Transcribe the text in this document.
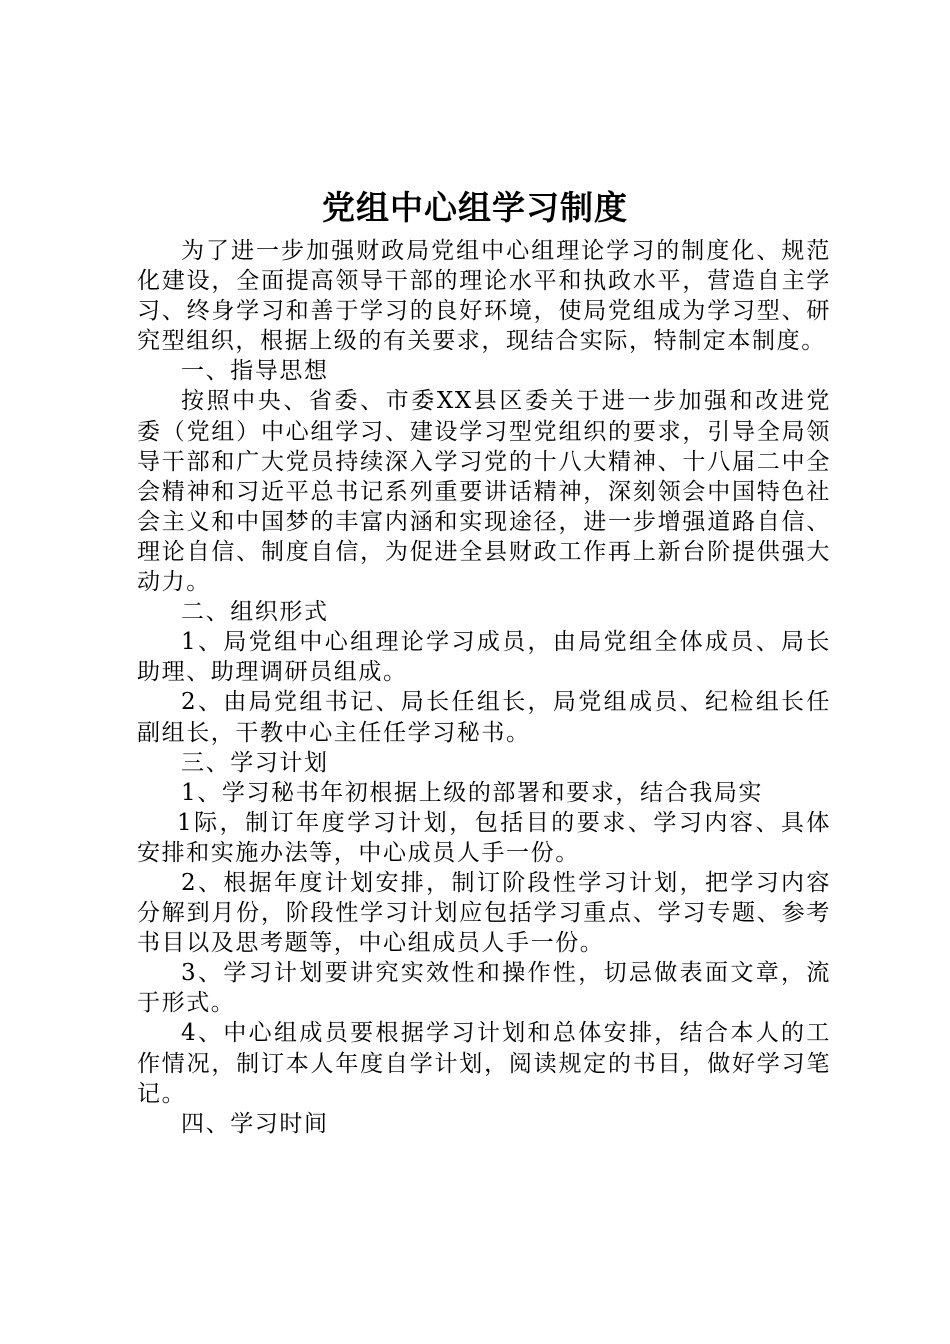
党组中心组学习制度

为了进一步加强财政局党组中心组理论学习的制度化、规范化建设，全面提高领导干部的理论水平和执政水平，营造自主学习、终身学习和善于学习的良好环境，使局党组成为学习型、研究型组织，根据上级的有关要求，现结合实际，特制定本制度。

一、指导思想

按照中央、省委、市委XX县区委关于进一步加强和改进党委（党组）中心组学习、建设学习型党组织的要求，引导全局领导干部和广大党员持续深入学习党的十八大精神、十八届二中全会精神和习近平总书记系列重要讲话精神，深刻领会中国特色社会主义和中国梦的丰富内涵和实现途径，进一步增强道路自信、理论自信、制度自信，为促进全县财政工作再上新台阶提供强大动力。

二、组织形式

1、局党组中心组理论学习成员，由局党组全体成员、局长助理、助理调研员组成。

2、由局党组书记、局长任组长，局党组成员、纪检组长任副组长，干教中心主任任学习秘书。

三、学习计划

1、学习秘书年初根据上级的部署和要求，结合我局实

1际，制订年度学习计划，包括目的要求、学习内容、具体安排和实施办法等，中心成员人手一份。

2、根据年度计划安排，制订阶段性学习计划，把学习内容分解到月份，阶段性学习计划应包括学习重点、学习专题、参考书目以及思考题等，中心组成员人手一份。

3、学习计划要讲究实效性和操作性，切忌做表面文章，流于形式。

4、中心组成员要根据学习计划和总体安排，结合本人的工作情况，制订本人年度自学计划，阅读规定的书目，做好学习笔记。

四、学习时间
